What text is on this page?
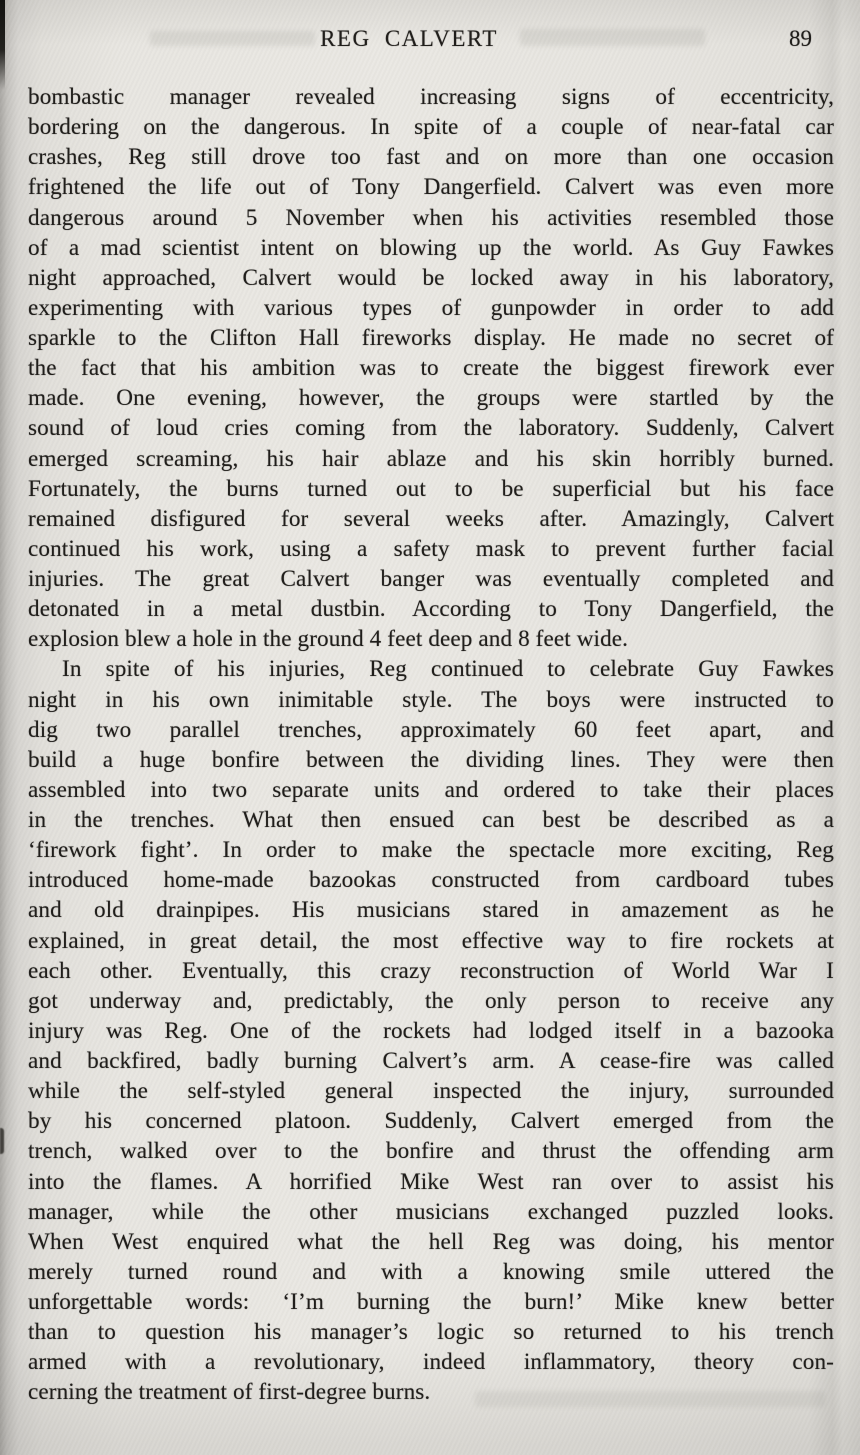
REG CALVERT	89
bombastic manager revealed increasing signs of eccentricity,
bordering on the dangerous. In spite of a couple of near-fatal car
crashes, Reg still drove too fast and on more than one occasion
frightened the life out of Tony Dangerfield. Calvert was even more
dangerous around 5 November when his activities resembled those
of a mad scientist intent on blowing up the world. As Guy Fawkes
night approached, Calvert would be locked away in his laboratory,
experimenting with various types of gunpowder in order to add
sparkle to the Clifton Hall fireworks display. He made no secret of
the fact that his ambition was to create the biggest firework ever
made. One evening, however, the groups were startled by the
sound of loud cries coming from the laboratory. Suddenly, Calvert
emerged screaming, his hair ablaze and his skin horribly burned.
Fortunately, the burns turned out to be superficial but his face
remained disfigured for several weeks after. Amazingly, Calvert
continued his work, using a safety mask to prevent further facial
injuries. The great Calvert banger was eventually completed and
detonated in a metal dustbin. According to Tony Dangerfield, the
explosion blew a hole in the ground 4 feet deep and 8 feet wide.
In spite of his injuries, Reg continued to celebrate Guy Fawkes
night in his own inimitable style. The boys were instructed to
dig two parallel trenches, approximately 60 feet apart, and
build a huge bonfire between the dividing lines. They were then
assembled into two separate units and ordered to take their places
in the trenches. What then ensued can best be described as a
‘firework fight’. In order to make the spectacle more exciting, Reg
introduced home-made bazookas constructed from cardboard tubes
and old drainpipes. His musicians stared in amazement as he
explained, in great detail, the most effective way to fire rockets at
each other. Eventually, this crazy reconstruction of World War I
got underway and, predictably, the only person to receive any
injury was Reg. One of the rockets had lodged itself in a bazooka
and backfired, badly burning Calvert’s arm. A cease-fire was called
while the self-styled general inspected the injury, surrounded
by his concerned platoon. Suddenly, Calvert emerged from the
trench, walked over to the bonfire and thrust the offending arm
into the flames. A horrified Mike West ran over to assist his
manager, while the other musicians exchanged puzzled looks.
When West enquired what the hell Reg was doing, his mentor
merely turned round and with a knowing smile uttered the
unforgettable words: ‘I’m burning the burn!’ Mike knew better
than to question his manager’s logic so returned to his trench
armed with a revolutionary, indeed inflammatory, theory con-
cerning the treatment of first-degree burns.
